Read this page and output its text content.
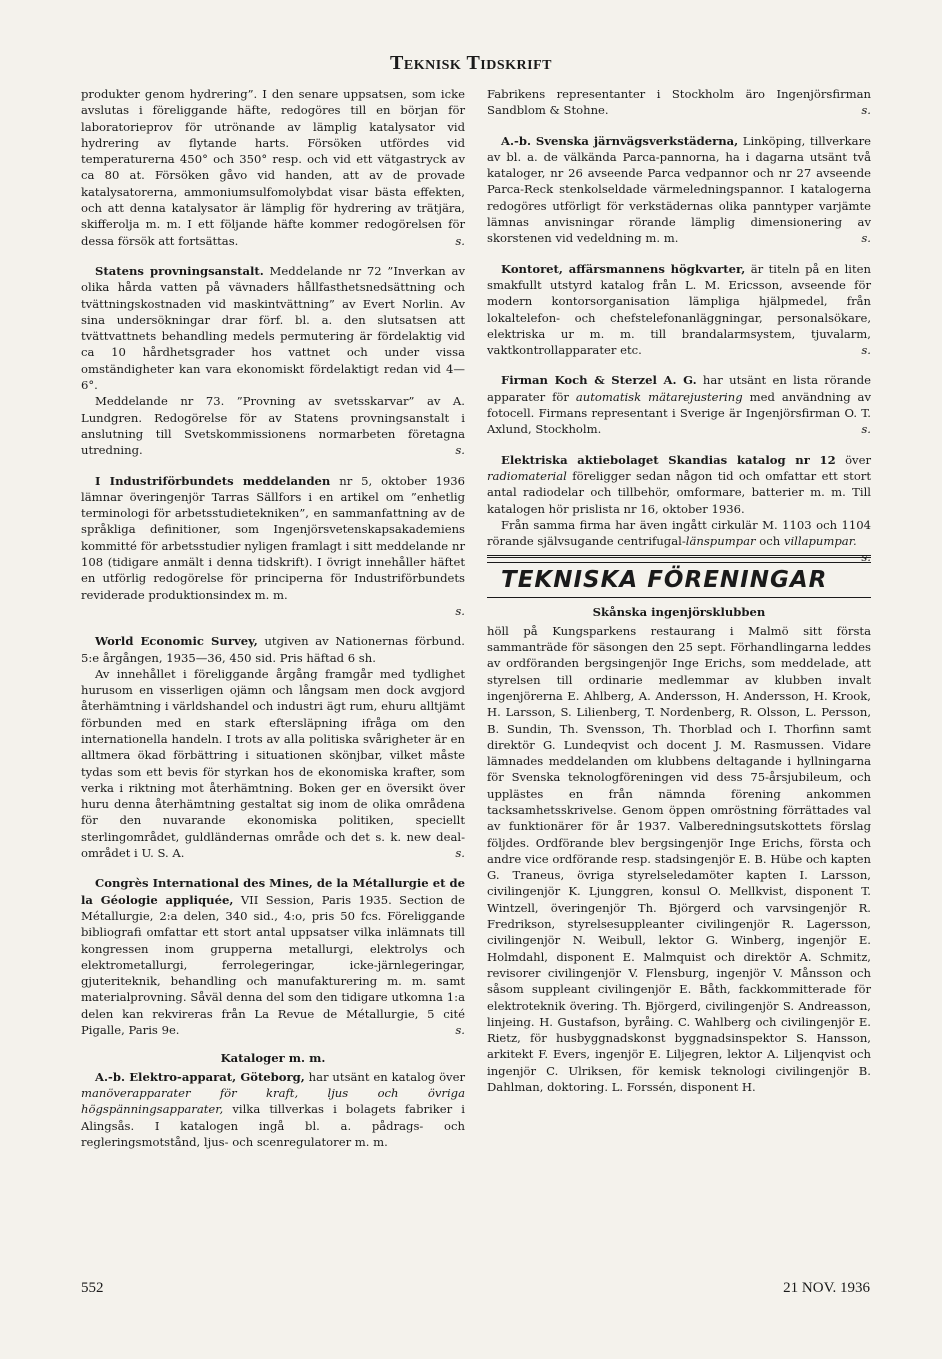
Teknisk Tidskrift

produkter genom hydrering”. I den senare uppsatsen, som icke avslutas i föreliggande häfte, redogöres till en början för laboratorieprov för utrönande av lämplig katalysator vid hydrering av flytande harts. Försöken utfördes vid temperaturerna 450° och 350° resp. och vid ett vätgastryck av ca 80 at. Försöken gåvo vid handen, att av de provade katalysatorerna, ammoniumsulfomolybdat visar bästa effekten, och att denna katalysator är lämplig för hydrering av trätjära, skifferolja m. m. I ett följande häfte kommer redogörelsen för dessa försök att fortsättas.	s.

Statens provningsanstalt. Meddelande nr 72 ”Inverkan av olika hårda vatten på vävnaders hållfasthetsnedsättning och tvättningskostnaden vid maskintvättning” av Evert Norlin. Av sina undersökningar drar förf. bl. a. den slutsatsen att tvättvattnets behandling medels permutering är fördelaktig vid ca 10 hårdhetsgrader hos vattnet och under vissa omständigheter kan vara ekonomiskt fördelaktigt redan vid 4—6°.

Meddelande nr 73. ”Provning av svetsskarvar” av A. Lundgren. Redogörelse för av Statens provningsanstalt i anslutning till Svetskommissionens normarbeten företagna utredning.	s.

I Industriförbundets meddelanden nr 5, oktober 1936 lämnar överingenjör Tarras Sällfors i en artikel om ”enhetlig terminologi för arbetsstudietekniken”, en sammanfattning av de språkliga definitioner, som Ingenjörsvetenskapsakademiens kommitté för arbetsstudier nyligen framlagt i sitt meddelande nr 108 (tidigare anmält i denna tidskrift). I övrigt innehåller häftet en utförlig redogörelse för principerna för Industriförbundets reviderade produktionsindex m. m.

s.

World Economic Survey, utgiven av Nationernas förbund. 5:e årgången, 1935—36, 450 sid. Pris häftad 6 sh.

Av innehållet i föreliggande årgång framgår med tydlighet hurusom en visserligen ojämn och långsam men dock avgjord återhämtning i världshandel och industri ägt rum, ehuru alltjämt förbunden med en stark eftersläpning ifråga om den internationella handeln. I trots av alla politiska svårigheter är en alltmera ökad förbättring i situationen skönjbar, vilket måste tydas som ett bevis för styrkan hos de ekonomiska krafter, som verka i riktning mot återhämtning. Boken ger en översikt över huru denna återhämtning gestaltat sig inom de olika områdena för den nuvarande ekonomiska politiken, speciellt sterlingområdet, guldländernas område och det s. k. new deal-området i U. S. A.	s.

Congrès International des Mines, de la Métallurgie et de la Géologie appliquée, VII Session, Paris 1935. Section de Métallurgie, 2:a delen, 340 sid., 4:o, pris 50 fcs. Föreliggande bibliografi omfattar ett stort antal uppsatser vilka inlämnats till kongressen inom grupperna metallurgi, elektrolys och elektrometallurgi, ferrolegeringar, icke-järnlegeringar, gjuteriteknik, behandling och manufakturering m. m. samt materialprovning. Såväl denna del som den tidigare utkomna 1:a delen kan rekvireras från La Revue de Métallurgie, 5 cité Pigalle, Paris 9e.	s.

Kataloger m. m.

A.-b. Elektro-apparat, Göteborg, har utsänt en katalog över manöverapparater för kraft, ljus och övriga högspänningsapparater, vilka tillverkas i bolagets fabriker i Alingsås. I katalogen ingå bl. a. pådrags- och regleringsmotstånd, ljus- och scenregulatorer m. m.

Fabrikens representanter i Stockholm äro Ingenjörsfirman Sandblom & Stohne.	s.

A.-b. Svenska järnvägsverkstäderna, Linköping, tillverkare av bl. a. de välkända Parca-pannorna, ha i dagarna utsänt två kataloger, nr 26 avseende Parca vedpannor och nr 27 avseende Parca-Reck stenkolseldade värmeledningspannor. I katalogerna redogöres utförligt för verkstädernas olika panntyper varjämte lämnas anvisningar rörande lämplig dimensionering av skorstenen vid vedeldning m. m.	s.

Kontoret, affärsmannens högkvarter, är titeln på en liten smakfullt utstyrd katalog från L. M. Ericsson, avseende för modern kontorsorganisation lämpliga hjälpmedel, från lokaltelefon- och chefstelefonanläggningar, personalsökare, elektriska ur m. m. till brandalarmsystem, tjuvalarm, vaktkontrollapparater etc.	s.

Firman Koch & Sterzel A. G. har utsänt en lista rörande apparater för automatisk mätarejustering med användning av fotocell. Firmans representant i Sverige är Ingenjörsfirman O. T. Axlund, Stockholm.	s.

Elektriska aktiebolaget Skandias katalog nr 12 över radiomaterial föreligger sedan någon tid och omfattar ett stort antal radiodelar och tillbehör, omformare, batterier m. m. Till katalogen hör prislista nr 16, oktober 1936.

Från samma firma har även ingått cirkulär M. 1103 och 1104 rörande självsugande centrifugal-länspumpar och villapumpar.
s.

TEKNISKA FÖRENINGAR
Skånska ingenjörsklubben

höll på Kungsparkens restaurang i Malmö sitt första sammanträde för säsongen den 25 sept. Förhandlingarna leddes av ordföranden bergsingenjör Inge Erichs, som meddelade, att styrelsen till ordinarie medlemmar av klubben invalt ingenjörerna E. Ahlberg, A. Andersson, H. Andersson, H. Krook, H. Larsson, S. Lilienberg, T. Nordenberg, R. Olsson, L. Persson, B. Sundin, Th. Svensson, Th. Thorblad och I. Thorfinn samt direktör G. Lundeqvist och docent J. M. Rasmussen. Vidare lämnades meddelanden om klubbens deltagande i hyllningarna för Svenska teknologföreningen vid dess 75-årsjubileum, och upplästes en från nämnda förening ankommen tacksamhetsskrivelse. Genom öppen omröstning förrättades val av funktionärer för år 1937. Valberedningsutskottets förslag följdes. Ordförande blev bergsingenjör Inge Erichs, första och andre vice ordförande resp. stadsingenjör E. B. Hübe och kapten G. Traneus, övriga styrelseledamöter kapten I. Larsson, civilingenjör K. Ljunggren, konsul O. Mellkvist, disponent T. Wintzell, överingenjör Th. Björgerd och varvsingenjör R. Fredrikson, styrelsesuppleanter civilingenjör R. Lagersson, civilingenjör N. Weibull, lektor G. Winberg, ingenjör E. Holmdahl, disponent E. Malmquist och direktör A. Schmitz, revisorer civilingenjör V. Flensburg, ingenjör V. Månsson och såsom suppleant civilingenjör E. Båth, fackkommitterade för elektroteknik övering. Th. Björgerd, civilingenjör S. Andreasson, linjeing. H. Gustafson, byråing. C. Wahlberg och civilingenjör E. Rietz, för husbyggnadskonst byggnadsinspektor S. Hansson, arkitekt F. Evers, ingenjör E. Liljegren, lektor A. Liljenqvist och ingenjör C. Ulriksen, för kemisk teknologi civilingenjör B. Dahlman, doktoring. L. Forssén, disponent H.

552	21 NOV. 1936
